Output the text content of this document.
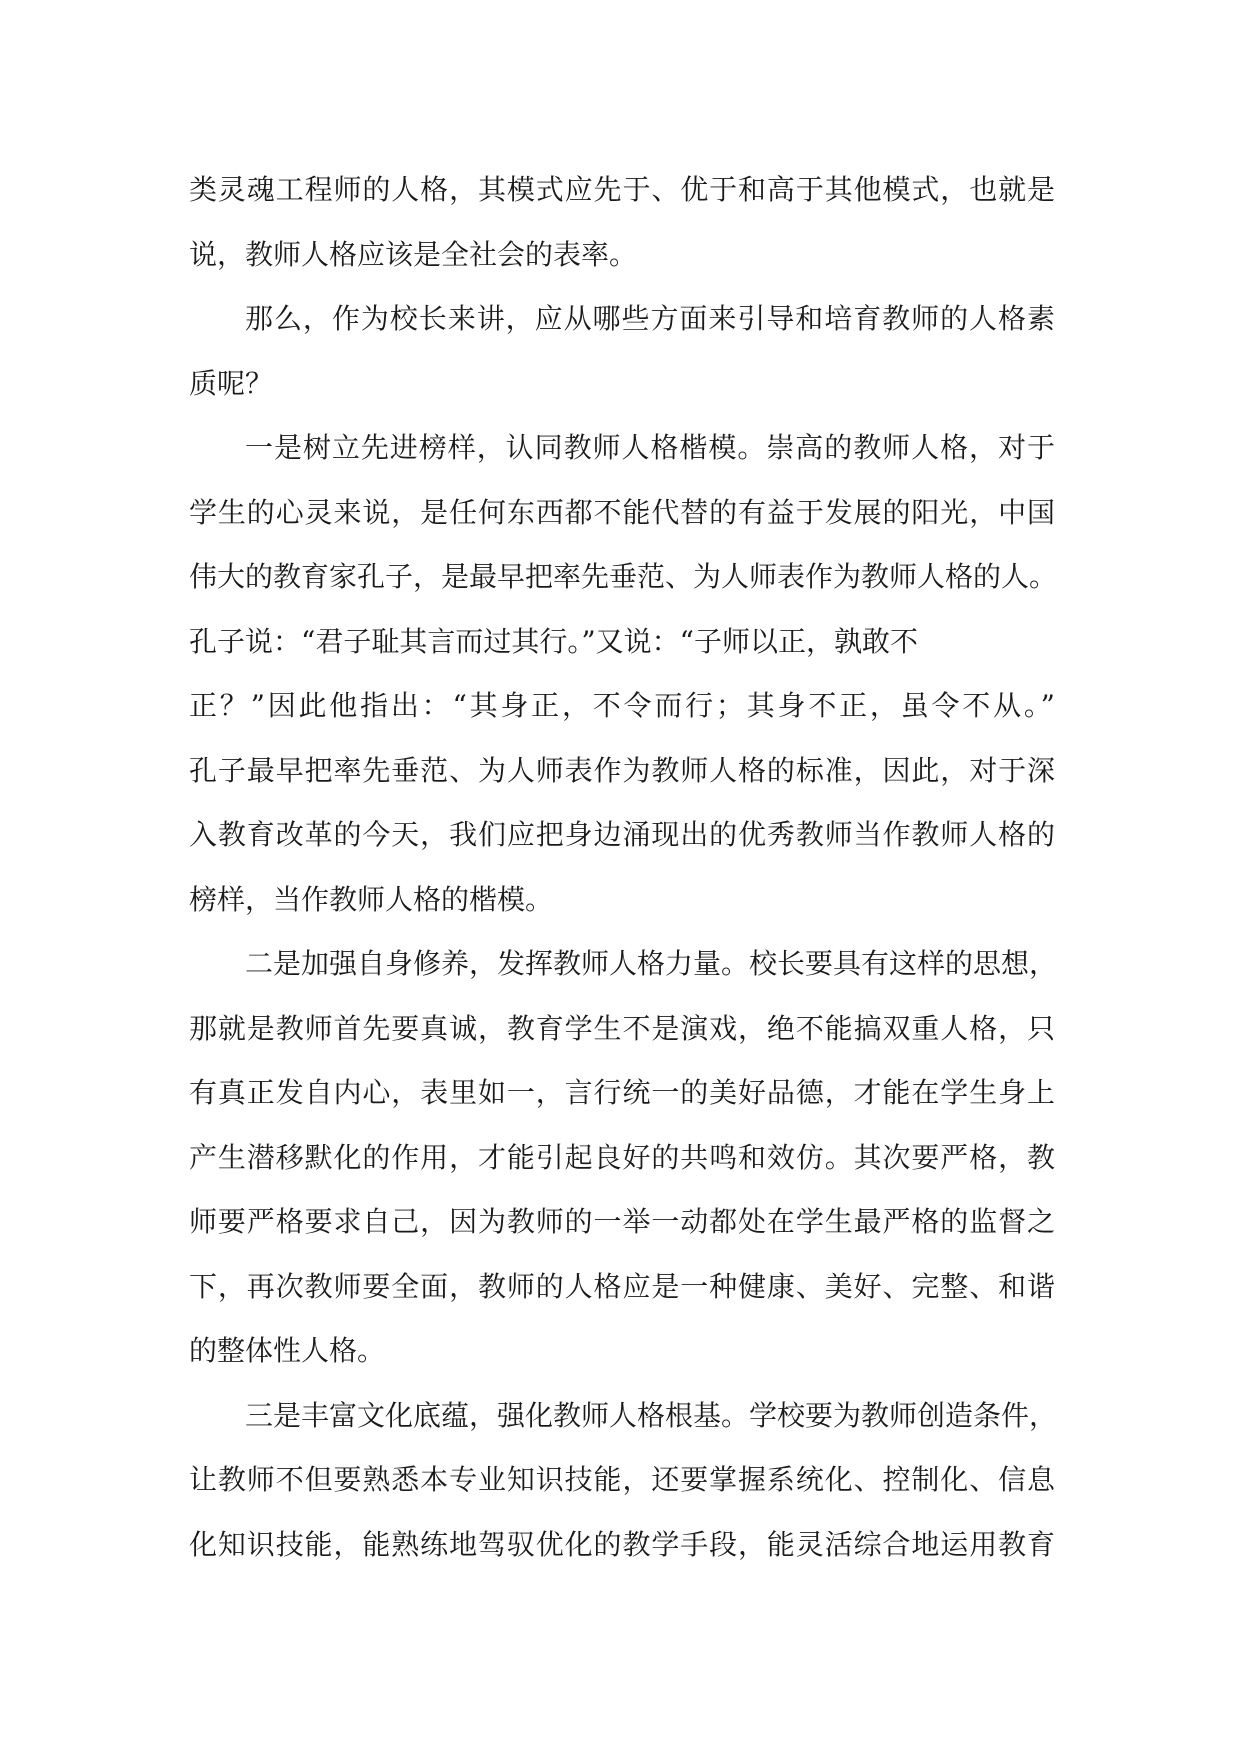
类灵魂工程师的人格，其模式应先于、优于和高于其他模式，也就是
说，教师人格应该是全社会的表率。

那么，作为校长来讲，应从哪些方面来引导和培育教师的人格素
质呢？

一是树立先进榜样，认同教师人格楷模。崇高的教师人格，对于
学生的心灵来说，是任何东西都不能代替的有益于发展的阳光，中国
伟大的教育家孔子，是最早把率先垂范、为人师表作为教师人格的人。
孔子说：“君子耻其言而过其行。”又说：“子师以正，孰敢不
正？”因此他指出：“其身正，不令而行；其身不正，虽令不从。”
孔子最早把率先垂范、为人师表作为教师人格的标准，因此，对于深
入教育改革的今天，我们应把身边涌现出的优秀教师当作教师人格的
榜样，当作教师人格的楷模。

二是加强自身修养，发挥教师人格力量。校长要具有这样的思想，
那就是教师首先要真诚，教育学生不是演戏，绝不能搞双重人格，只
有真正发自内心，表里如一，言行统一的美好品德，才能在学生身上
产生潜移默化的作用，才能引起良好的共鸣和效仿。其次要严格，教
师要严格要求自己，因为教师的一举一动都处在学生最严格的监督之
下，再次教师要全面，教师的人格应是一种健康、美好、完整、和谐
的整体性人格。

三是丰富文化底蕴，强化教师人格根基。学校要为教师创造条件，
让教师不但要熟悉本专业知识技能，还要掌握系统化、控制化、信息
化知识技能，能熟练地驾驭优化的教学手段，能灵活综合地运用教育
